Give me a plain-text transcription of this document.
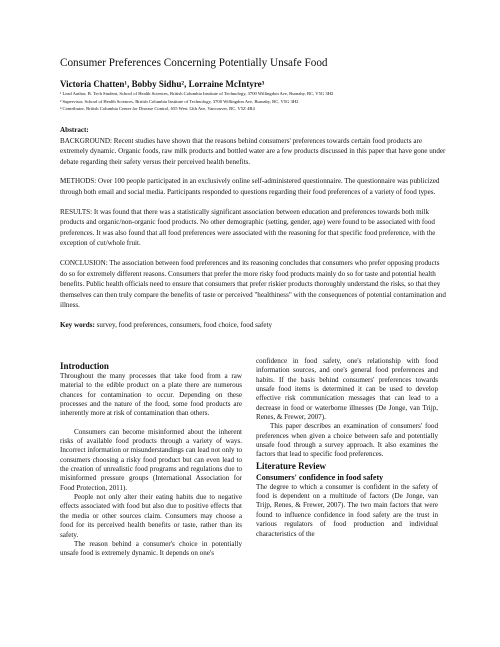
Consumer Preferences Concerning Potentially Unsafe Food
Victoria Chatten¹, Bobby Sidhu², Lorraine McIntyre³
¹ Lead Author, B. Tech Student, School of Health Sciences, British Columbia Institute of Technology, 3700 Willingdon Ave, Burnaby, BC, V5G 3H2
² Supervisor, School of Health Sciences, British Columbia Institute of Technology, 3700 Willingdon Ave, Burnaby, BC, V5G 3H2
³ Contributor, British Columbia Center for Disease Control, 655 West 12th Ave, Vancouver, BC, V5Z 4R4

Abstract:

BACKGROUND: Recent studies have shown that the reasons behind consumers' preferences towards certain food products are extremely dynamic. Organic foods, raw milk products and bottled water are a few products discussed in this paper that have gone under debate regarding their safety versus their perceived health benefits.

METHODS: Over 100 people participated in an exclusively online self-administered questionnaire. The questionnaire was publicized through both email and social media. Participants responded to questions regarding their food preferences of a variety of food types.

RESULTS: It was found that there was a statistically significant association between education and preferences towards both milk products and organic/non-organic food products. No other demographic (setting, gender, age) were found to be associated with food preferences. It was also found that all food preferences were associated with the reasoning for that specific food preference, with the exception of cut/whole fruit.

CONCLUSION: The association between food preferences and its reasoning concludes that consumers who prefer opposing products do so for extremely different reasons. Consumers that prefer the more risky food products mainly do so for taste and potential health benefits. Public health officials need to ensure that consumers that prefer riskier products thoroughly understand the risks, so that they themselves can then truly compare the benefits of taste or perceived "healthiness" with the consequences of potential contamination and illness.

Key words: survey, food preferences, consumers, food choice, food safety

Introduction

Throughout the many processes that take food from a raw material to the edible product on a plate there are numerous chances for contamination to occur. Depending on these processes and the nature of the food, some food products are inherently more at risk of contamination than others.

Consumers can become misinformed about the inherent risks of available food products through a variety of ways. Incorrect information or misunderstandings can lead not only to consumers choosing a risky food product but can even lead to the creation of unrealistic food programs and regulations due to misinformed pressure groups (International Association for Food Protection, 2011).

People not only alter their eating habits due to negative effects associated with food but also due to positive effects that the media or other sources claim. Consumers may choose a food for its perceived health benefits or taste, rather than its safety.

The reason behind a consumer's choice in potentially unsafe food is extremely dynamic. It depends on one's

confidence in food safety, one's relationship with food information sources, and one's general food preferences and habits. If the basis behind consumers' preferences towards unsafe food items is determined it can be used to develop effective risk communication messages that can lead to a decrease in food or waterborne illnesses (De Jonge, van Trijp, Renes, & Frewer, 2007).

This paper describes an examination of consumers' food preferences when given a choice between safe and potentially unsafe food through a survey approach. It also examines the factors that lead to specific food preferences.

Literature Review

Consumers' confidence in food safety

The degree to which a consumer is confident in the safety of food is dependent on a multitude of factors (De Jonge, van Trijp, Renes, & Frewer, 2007). The two main factors that were found to influence confidence in food safety are the trust in various regulators of food production and individual characteristics of the
